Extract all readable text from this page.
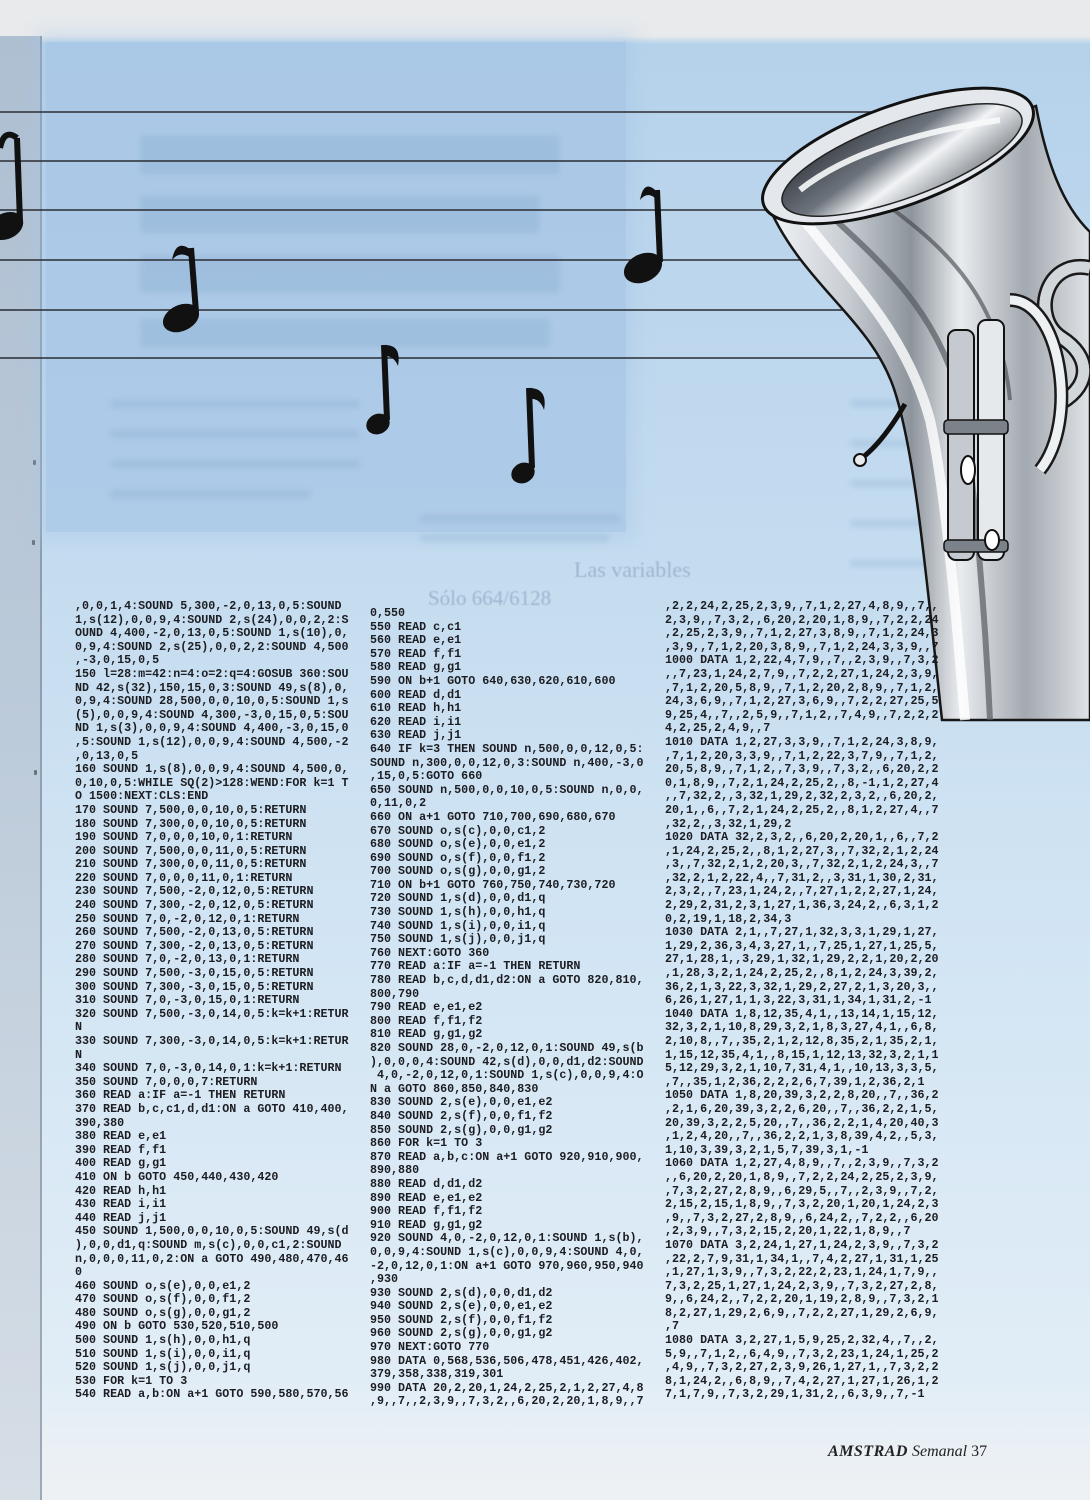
Las variables
Sólo 664/6128
,0,0,1,4:SOUND 5,300,-2,0,13,0,5:SOUND
1,s(12),0,0,9,4:SOUND 2,s(24),0,0,2,2:S
OUND 4,400,-2,0,13,0,5:SOUND 1,s(10),0,
0,9,4:SOUND 2,s(25),0,0,2,2:SOUND 4,500
,-3,0,15,0,5
150 l=28:m=42:n=4:o=2:q=4:GOSUB 360:SOU
ND 42,s(32),150,15,0,3:SOUND 49,s(8),0,
0,9,4:SOUND 28,500,0,0,10,0,5:SOUND 1,s
(5),0,0,9,4:SOUND 4,300,-3,0,15,0,5:SOU
ND 1,s(3),0,0,9,4:SOUND 4,400,-3,0,15,0
,5:SOUND 1,s(12),0,0,9,4:SOUND 4,500,-2
,0,13,0,5
160 SOUND 1,s(8),0,0,9,4:SOUND 4,500,0,
0,10,0,5:WHILE SQ(2)>128:WEND:FOR k=1 T
O 1500:NEXT:CLS:END
170 SOUND 7,500,0,0,10,0,5:RETURN
180 SOUND 7,300,0,0,10,0,5:RETURN
190 SOUND 7,0,0,0,10,0,1:RETURN
200 SOUND 7,500,0,0,11,0,5:RETURN
210 SOUND 7,300,0,0,11,0,5:RETURN
220 SOUND 7,0,0,0,11,0,1:RETURN
230 SOUND 7,500,-2,0,12,0,5:RETURN
240 SOUND 7,300,-2,0,12,0,5:RETURN
250 SOUND 7,0,-2,0,12,0,1:RETURN
260 SOUND 7,500,-2,0,13,0,5:RETURN
270 SOUND 7,300,-2,0,13,0,5:RETURN
280 SOUND 7,0,-2,0,13,0,1:RETURN
290 SOUND 7,500,-3,0,15,0,5:RETURN
300 SOUND 7,300,-3,0,15,0,5:RETURN
310 SOUND 7,0,-3,0,15,0,1:RETURN
320 SOUND 7,500,-3,0,14,0,5:k=k+1:RETUR
N
330 SOUND 7,300,-3,0,14,0,5:k=k+1:RETUR
N
340 SOUND 7,0,-3,0,14,0,1:k=k+1:RETURN
350 SOUND 7,0,0,0,7:RETURN
360 READ a:IF a=-1 THEN RETURN
370 READ b,c,c1,d,d1:ON a GOTO 410,400,
390,380
380 READ e,e1
390 READ f,f1
400 READ g,g1
410 ON b GOTO 450,440,430,420
420 READ h,h1
430 READ i,i1
440 READ j,j1
450 SOUND 1,500,0,0,10,0,5:SOUND 49,s(d
),0,0,d1,q:SOUND m,s(c),0,0,c1,2:SOUND
n,0,0,0,11,0,2:ON a GOTO 490,480,470,46
0
460 SOUND o,s(e),0,0,e1,2
470 SOUND o,s(f),0,0,f1,2
480 SOUND o,s(g),0,0,g1,2
490 ON b GOTO 530,520,510,500
500 SOUND 1,s(h),0,0,h1,q
510 SOUND 1,s(i),0,0,i1,q
520 SOUND 1,s(j),0,0,j1,q
530 FOR k=1 TO 3
540 READ a,b:ON a+1 GOTO 590,580,570,56
0,550
550 READ c,c1
560 READ e,e1
570 READ f,f1
580 READ g,g1
590 ON b+1 GOTO 640,630,620,610,600
600 READ d,d1
610 READ h,h1
620 READ i,i1
630 READ j,j1
640 IF k=3 THEN SOUND n,500,0,0,12,0,5:
SOUND n,300,0,0,12,0,3:SOUND n,400,-3,0
,15,0,5:GOTO 660
650 SOUND n,500,0,0,10,0,5:SOUND n,0,0,
0,11,0,2
660 ON a+1 GOTO 710,700,690,680,670
670 SOUND o,s(c),0,0,c1,2
680 SOUND o,s(e),0,0,e1,2
690 SOUND o,s(f),0,0,f1,2
700 SOUND o,s(g),0,0,g1,2
710 ON b+1 GOTO 760,750,740,730,720
720 SOUND 1,s(d),0,0,d1,q
730 SOUND 1,s(h),0,0,h1,q
740 SOUND 1,s(i),0,0,i1,q
750 SOUND 1,s(j),0,0,j1,q
760 NEXT:GOTO 360
770 READ a:IF a=-1 THEN RETURN
780 READ b,c,d,d1,d2:ON a GOTO 820,810,
800,790
790 READ e,e1,e2
800 READ f,f1,f2
810 READ g,g1,g2
820 SOUND 28,0,-2,0,12,0,1:SOUND 49,s(b
),0,0,0,4:SOUND 42,s(d),0,0,d1,d2:SOUND
4,0,-2,0,12,0,1:SOUND 1,s(c),0,0,9,4:O
N a GOTO 860,850,840,830
830 SOUND 2,s(e),0,0,e1,e2
840 SOUND 2,s(f),0,0,f1,f2
850 SOUND 2,s(g),0,0,g1,g2
860 FOR k=1 TO 3
870 READ a,b,c:ON a+1 GOTO 920,910,900,
890,880
880 READ d,d1,d2
890 READ e,e1,e2
900 READ f,f1,f2
910 READ g,g1,g2
920 SOUND 4,0,-2,0,12,0,1:SOUND 1,s(b),
0,0,9,4:SOUND 1,s(c),0,0,9,4:SOUND 4,0,
-2,0,12,0,1:ON a+1 GOTO 970,960,950,940
,930
930 SOUND 2,s(d),0,0,d1,d2
940 SOUND 2,s(e),0,0,e1,e2
950 SOUND 2,s(f),0,0,f1,f2
960 SOUND 2,s(g),0,0,g1,g2
970 NEXT:GOTO 770
980 DATA 0,568,536,506,478,451,426,402,
379,358,338,319,301
990 DATA 20,2,20,1,24,2,25,2,1,2,27,4,8
,9,,7,,2,3,9,,7,3,2,,6,20,2,20,1,8,9,,7
,2,2,24,2,25,2,3,9,,7,1,2,27,4,8,9,,7,,
2,3,9,,7,3,2,,6,20,2,20,1,8,9,,7,2,2,24
,2,25,2,3,9,,7,1,2,27,3,8,9,,7,1,2,24,3
,3,9,,7,1,2,20,3,8,9,,7,1,2,24,3,3,9,,7
1000 DATA 1,2,22,4,7,9,,7,,2,3,9,,7,3,2
,,7,23,1,24,2,7,9,,7,2,2,27,1,24,2,3,9,
,7,1,2,20,5,8,9,,7,1,2,20,2,8,9,,7,1,2,
24,3,6,9,,7,1,2,27,3,6,9,,7,2,2,27,25,5
9,25,4,,7,,2,5,9,,7,1,2,,7,4,9,,7,2,2,2
4,2,25,2,4,9,,7
1010 DATA 1,2,27,3,3,9,,7,1,2,24,3,8,9,
,7,1,2,20,3,3,9,,7,1,2,22,3,7,9,,7,1,2,
20,5,8,9,,7,1,2,,7,3,9,,7,3,2,,6,20,2,2
0,1,8,9,,7,2,1,24,2,25,2,,8,-1,1,2,27,4
,,7,32,2,,3,32,1,29,2,32,2,3,2,,6,20,2,
20,1,,6,,7,2,1,24,2,25,2,,8,1,2,27,4,,7
,32,2,,3,32,1,29,2
1020 DATA 32,2,3,2,,6,20,2,20,1,,6,,7,2
,1,24,2,25,2,,8,1,2,27,3,,7,32,2,1,2,24
,3,,7,32,2,1,2,20,3,,7,32,2,1,2,24,3,,7
,32,2,1,2,22,4,,7,31,2,,3,31,1,30,2,31,
2,3,2,,7,23,1,24,2,,7,27,1,2,2,27,1,24,
2,29,2,31,2,3,1,27,1,36,3,24,2,,6,3,1,2
0,2,19,1,18,2,34,3
1030 DATA 2,1,,7,27,1,32,3,3,1,29,1,27,
1,29,2,36,3,4,3,27,1,,7,25,1,27,1,25,5,
27,1,28,1,,3,29,1,32,1,29,2,2,1,20,2,20
,1,28,3,2,1,24,2,25,2,,8,1,2,24,3,39,2,
36,2,1,3,22,3,32,1,29,2,27,2,1,3,20,3,,
6,26,1,27,1,1,3,22,3,31,1,34,1,31,2,-1
1040 DATA 1,8,12,35,4,1,,13,14,1,15,12,
32,3,2,1,10,8,29,3,2,1,8,3,27,4,1,,6,8,
2,10,8,,7,,35,2,1,2,12,8,35,2,1,35,2,1,
1,15,12,35,4,1,,8,15,1,12,13,32,3,2,1,1
5,12,29,3,2,1,10,7,31,4,1,,10,13,3,3,5,
,7,,35,1,2,36,2,2,2,6,7,39,1,2,36,2,1
1050 DATA 1,8,20,39,3,2,2,8,20,,7,,36,2
,2,1,6,20,39,3,2,2,6,20,,7,,36,2,2,1,5,
20,39,3,2,2,5,20,,7,,36,2,2,1,4,20,40,3
,1,2,4,20,,7,,36,2,2,1,3,8,39,4,2,,5,3,
1,10,3,39,3,2,1,5,7,39,3,1,-1
1060 DATA 1,2,27,4,8,9,,7,,2,3,9,,7,3,2
,,6,20,2,20,1,8,9,,7,2,2,24,2,25,2,3,9,
,7,3,2,27,2,8,9,,6,29,5,,7,,2,3,9,,7,2,
2,15,2,15,1,8,9,,7,3,2,20,1,20,1,24,2,3
,9,,7,3,2,27,2,8,9,,6,24,2,,7,2,2,,6,20
,2,3,9,,7,3,2,15,2,20,1,22,1,8,9,,7
1070 DATA 3,2,24,1,27,1,24,2,3,9,,7,3,2
,22,2,7,9,31,1,34,1,,7,4,2,27,1,31,1,25
,1,27,1,3,9,,7,3,2,22,2,23,1,24,1,7,9,,
7,3,2,25,1,27,1,24,2,3,9,,7,3,2,27,2,8,
9,,6,24,2,,7,2,2,20,1,19,2,8,9,,7,3,2,1
8,2,27,1,29,2,6,9,,7,2,2,27,1,29,2,6,9,
,7
1080 DATA 3,2,27,1,5,9,25,2,32,4,,7,,2,
5,9,,7,1,2,,6,4,9,,7,3,2,23,1,24,1,25,2
,4,9,,7,3,2,27,2,3,9,26,1,27,1,,7,3,2,2
8,1,24,2,,6,8,9,,7,4,2,27,1,27,1,26,1,2
7,1,7,9,,7,3,2,29,1,31,2,,6,3,9,,7,-1
AMSTRAD Semanal 37
